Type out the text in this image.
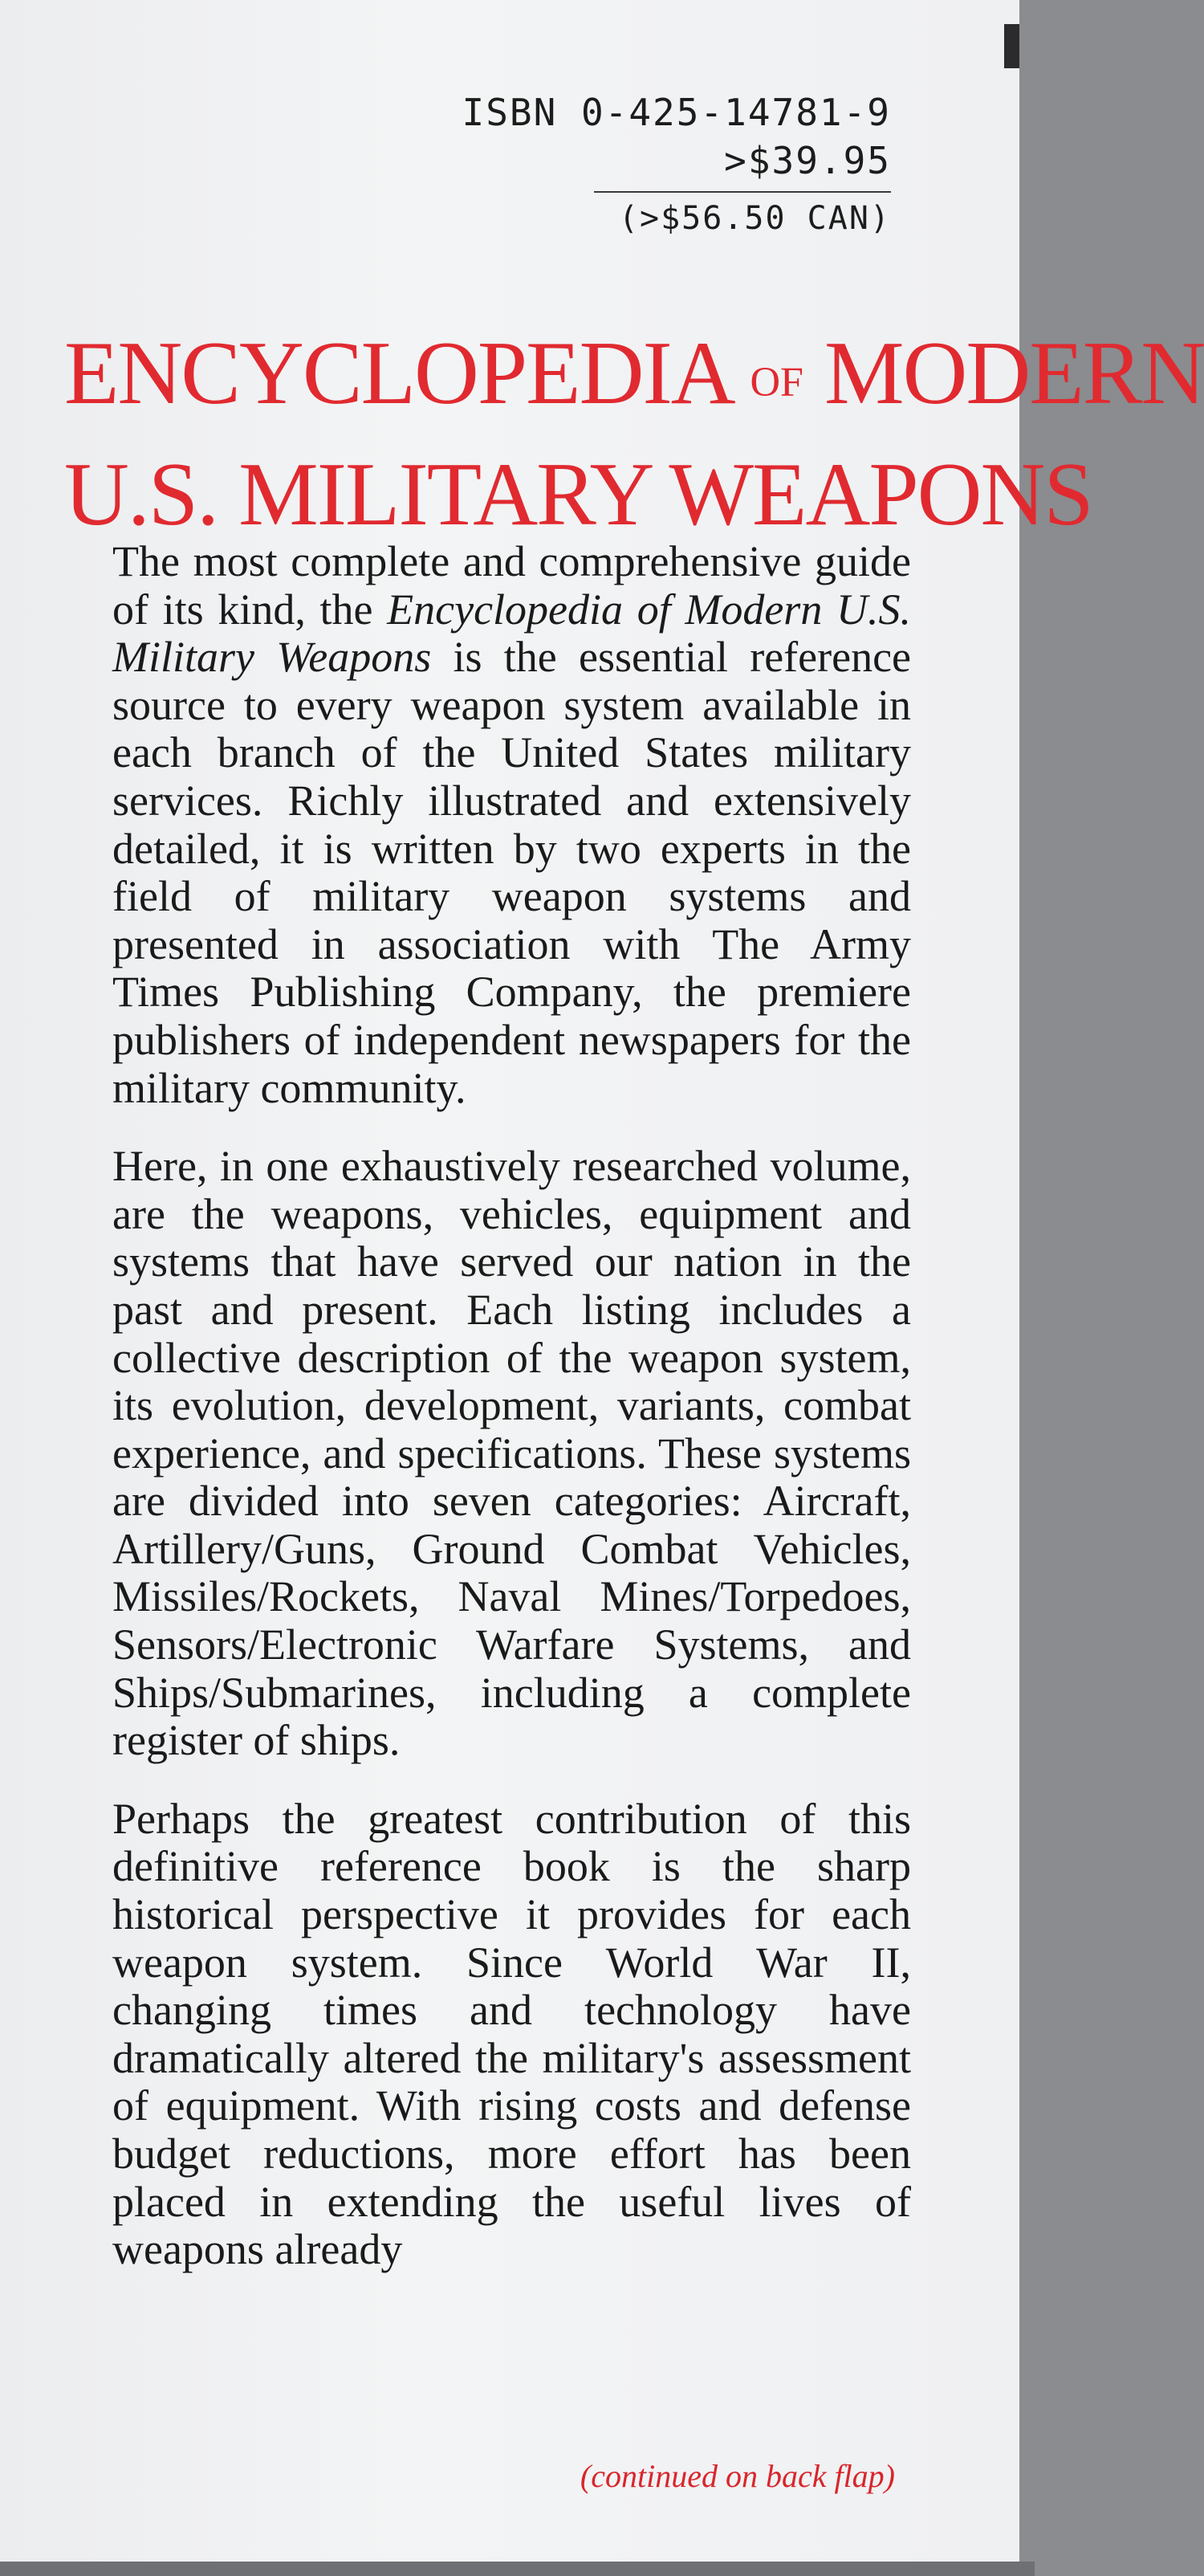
ISBN 0-425-14781-9
>$39.95
(>$56.50 CAN)
ENCYCLOPEDIA OF MODERN
U.S. MILITARY WEAPONS

The most complete and comprehensive guide of its kind, the Encyclopedia of Modern U.S. Military Weapons is the essential reference source to every weapon system available in each branch of the United States military services. Richly illustrated and extensively detailed, it is written by two experts in the field of military weapon systems and presented in association with The Army Times Publishing Company, the premiere publishers of independent newspapers for the military community.

Here, in one exhaustively researched volume, are the weapons, vehicles, equipment and systems that have served our nation in the past and present. Each listing includes a collective description of the weapon system, its evolution, development, variants, combat experience, and specifications. These systems are divided into seven categories: Aircraft, Artillery/Guns, Ground Combat Vehicles, Missiles/Rockets, Naval Mines/Torpedoes, Sensors/Electronic Warfare Systems, and Ships/Submarines, including a complete register of ships.

Perhaps the greatest contribution of this definitive reference book is the sharp historical perspective it provides for each weapon system. Since World War II, changing times and technology have dramatically altered the military's assessment of equipment. With rising costs and defense budget reductions, more effort has been placed in extending the useful lives of weapons already

(continued on back flap)
